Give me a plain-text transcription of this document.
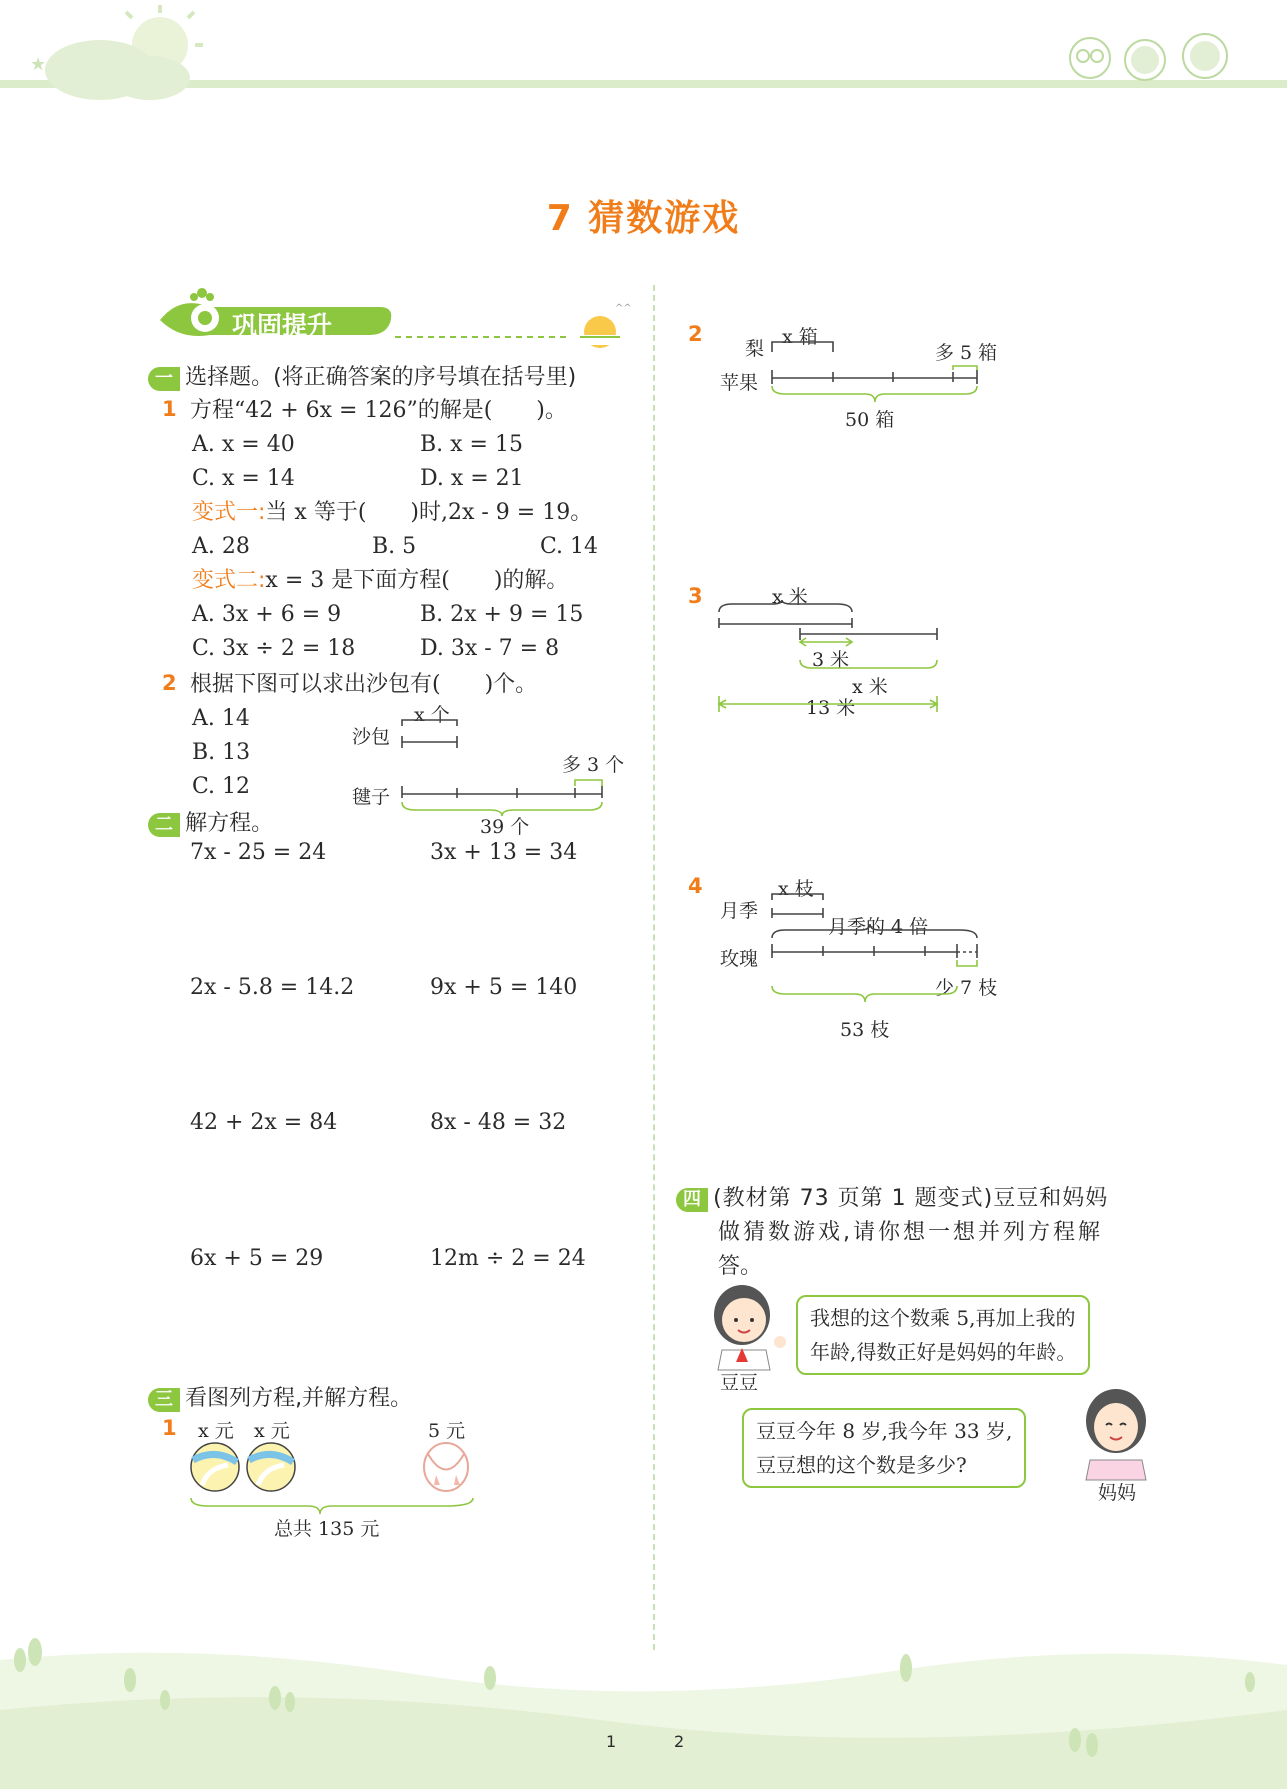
★
7 猜数游戏
^^
巩固提升
一 选择题。(将正确答案的序号填在括号里)
1 方程“42 + 6x = 126”的解是(　　)。
A. x = 40	B. x = 15
C. x = 14	D. x = 21
变式一:当 x 等于(　　)时,2x - 9 = 19。
A. 28	B. 5	C. 14
变式二:x = 3 是下面方程(　　)的解。
A. 3x + 6 = 9	B. 2x + 9 = 15
C. 3x ÷ 2 = 18	D. 3x - 7 = 8
2 根据下图可以求出沙包有(　　)个。
A. 14
B. 13
C. 12
沙包
x 个
多 3 个
毽子
39 个
二 解方程。
7x - 25 = 24	3x + 13 = 34
2x - 5.8 = 14.2	9x + 5 = 140
42 + 2x = 84	8x - 48 = 32
6x + 5 = 29	12m ÷ 2 = 24
三 看图列方程,并解方程。
1 x 元 x 元	5 元
总共 135 元
2
梨
x 箱
苹果
多 5 箱
50 箱
3	x 米
3 米
x 米
13 米
4	x 枝
月季
月季的 4 倍
玫瑰
少 7 枝
53 枝
四 (教材第 73 页第 1 题变式)豆豆和妈妈
做猜数游戏,请你想一想并列方程解
答。
豆豆
我想的这个数乘 5,再加上我的
年龄,得数正好是妈妈的年龄。
豆豆今年 8 岁,我今年 33 岁,
豆豆想的这个数是多少?
妈妈
1	2
